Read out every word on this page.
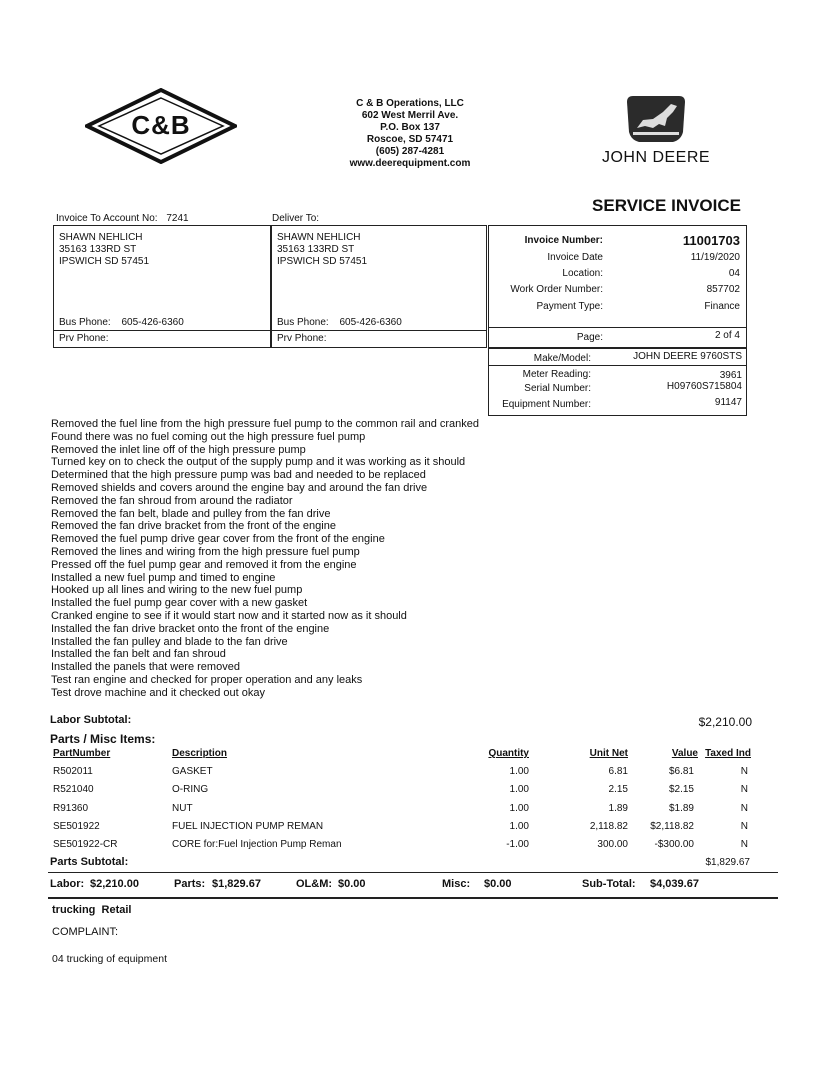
C&B
C & B Operations, LLC
602 West Merril Ave.
P.O. Box 137
Roscoe, SD 57471
(605) 287-4281
www.deerequipment.com	JOHN DEERE
SERVICE INVOICE
Invoice To Account No: 7241	Deliver To:
SHAWN NEHLICH
35163 133RD ST
IPSWICH SD 57451
Bus Phone: 605-426-6360
Prv Phone:
SHAWN NEHLICH
35163 133RD ST
IPSWICH SD 57451
Bus Phone: 605-426-6360
Prv Phone:
Invoice Number:	11001703
Invoice Date	11/19/2020
Location:	04
Work Order Number:	857702
Payment Type:	Finance
Page:	2 of 4
Make/Model:	JOHN DEERE 9760STS
Meter Reading:	3961
Serial Number:	H09760S715804
Equipment Number:	91147
Removed the fuel line from the high pressure fuel pump to the common rail and cranked
Found there was no fuel coming out the high pressure fuel pump
Removed the inlet line off of the high pressure pump
Turned key on to check the output of the supply pump and it was working as it should
Determined that the high pressure pump was bad and needed to be replaced
Removed shields and covers around the engine bay and around the fan drive
Removed the fan shroud from around the radiator
Removed the fan belt, blade and pulley from the fan drive
Removed the fan drive bracket from the front of the engine
Removed the fuel pump drive gear cover from the front of the engine
Removed the lines and wiring from the high pressure fuel pump
Pressed off the fuel pump gear and removed it from the engine
Installed a new fuel pump and timed to engine
Hooked up all lines and wiring to the new fuel pump
Installed the fuel pump gear cover with a new gasket
Cranked engine to see if it would start now and it started now as it should
Installed the fan drive bracket onto the front of the engine
Installed the fan pulley and blade to the fan drive
Installed the fan belt and fan shroud
Installed the panels that were removed
Test ran engine and checked for proper operation and any leaks
Test drove machine and it checked out okay
Labor Subtotal:	$2,210.00
Parts / Misc Items:
PartNumber	Description	Quantity	Unit Net	Value Taxed Ind
R502011	GASKET	1.00	6.81	$6.81	N
R521040	O-RING	1.00	2.15	$2.15	N
R91360	NUT	1.00	1.89	$1.89	N
SE501922	FUEL INJECTION PUMP REMAN	1.00	2,118.82 $2,118.82	N
SE501922-CR	CORE for:Fuel Injection Pump Reman	-1.00	300.00	-$300.00	N
Parts Subtotal:	$1,829.67
Labor: $2,210.00	Parts: $1,829.67	OL&M: $0.00	Misc: $0.00	Sub-Total: $4,039.67
trucking  Retail
COMPLAINT:
04 trucking of equipment
